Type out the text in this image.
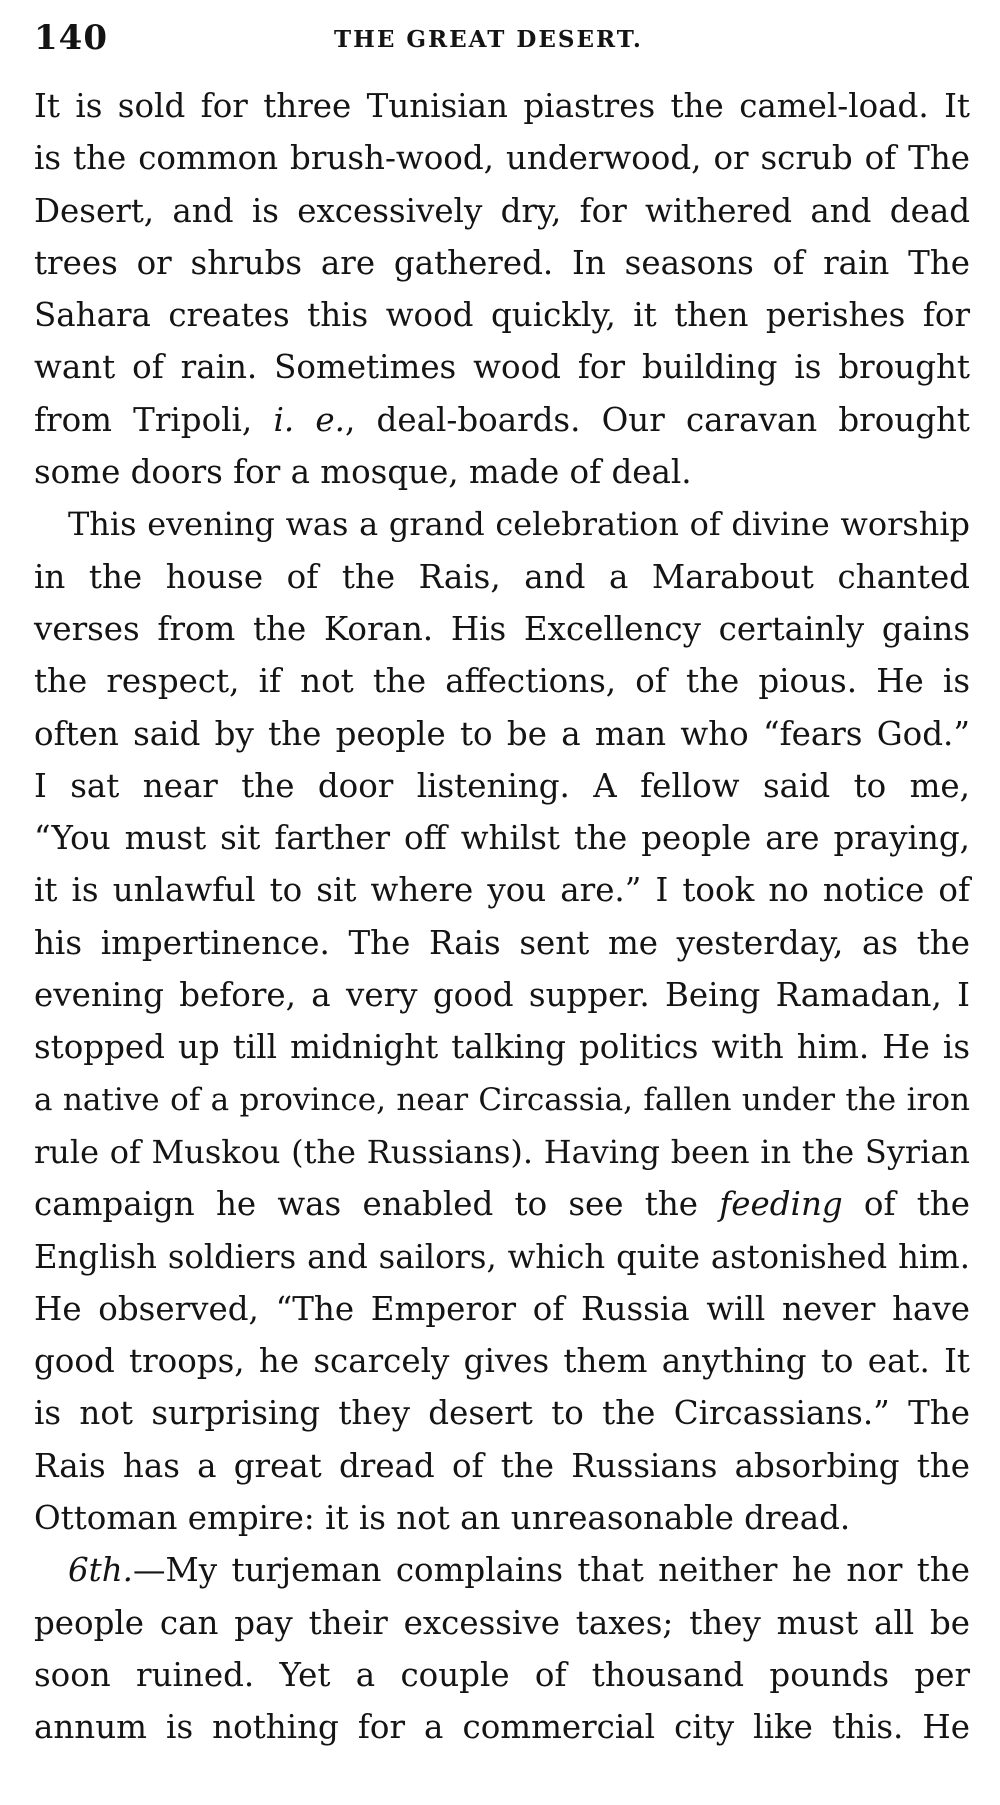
140	THE GREAT DESERT.
It is sold for three Tunisian piastres the camel-load. It
is the common brush-wood, underwood, or scrub of The
Desert, and is excessively dry, for withered and dead
trees or shrubs are gathered. In seasons of rain The
Sahara creates this wood quickly, it then perishes for
want of rain. Sometimes wood for building is brought
from Tripoli, i. e., deal-boards. Our caravan brought
some doors for a mosque, made of deal.
This evening was a grand celebration of divine worship
in the house of the Rais, and a Marabout chanted
verses from the Koran. His Excellency certainly gains
the respect, if not the affections, of the pious. He is
often said by the people to be a man who “fears God.”
I sat near the door listening. A fellow said to me,
“You must sit farther off whilst the people are praying,
it is unlawful to sit where you are.” I took no notice of
his impertinence. The Rais sent me yesterday, as the
evening before, a very good supper. Being Ramadan, I
stopped up till midnight talking politics with him. He is
a native of a province, near Circassia, fallen under the iron
rule of Muskou (the Russians). Having been in the Syrian
campaign he was enabled to see the feeding of the
English soldiers and sailors, which quite astonished him.
He observed, “The Emperor of Russia will never have
good troops, he scarcely gives them anything to eat. It
is not surprising they desert to the Circassians.” The
Rais has a great dread of the Russians absorbing the
Ottoman empire: it is not an unreasonable dread.
6th.—My turjeman complains that neither he nor the
people can pay their excessive taxes; they must all be
soon ruined. Yet a couple of thousand pounds per
annum is nothing for a commercial city like this. He
